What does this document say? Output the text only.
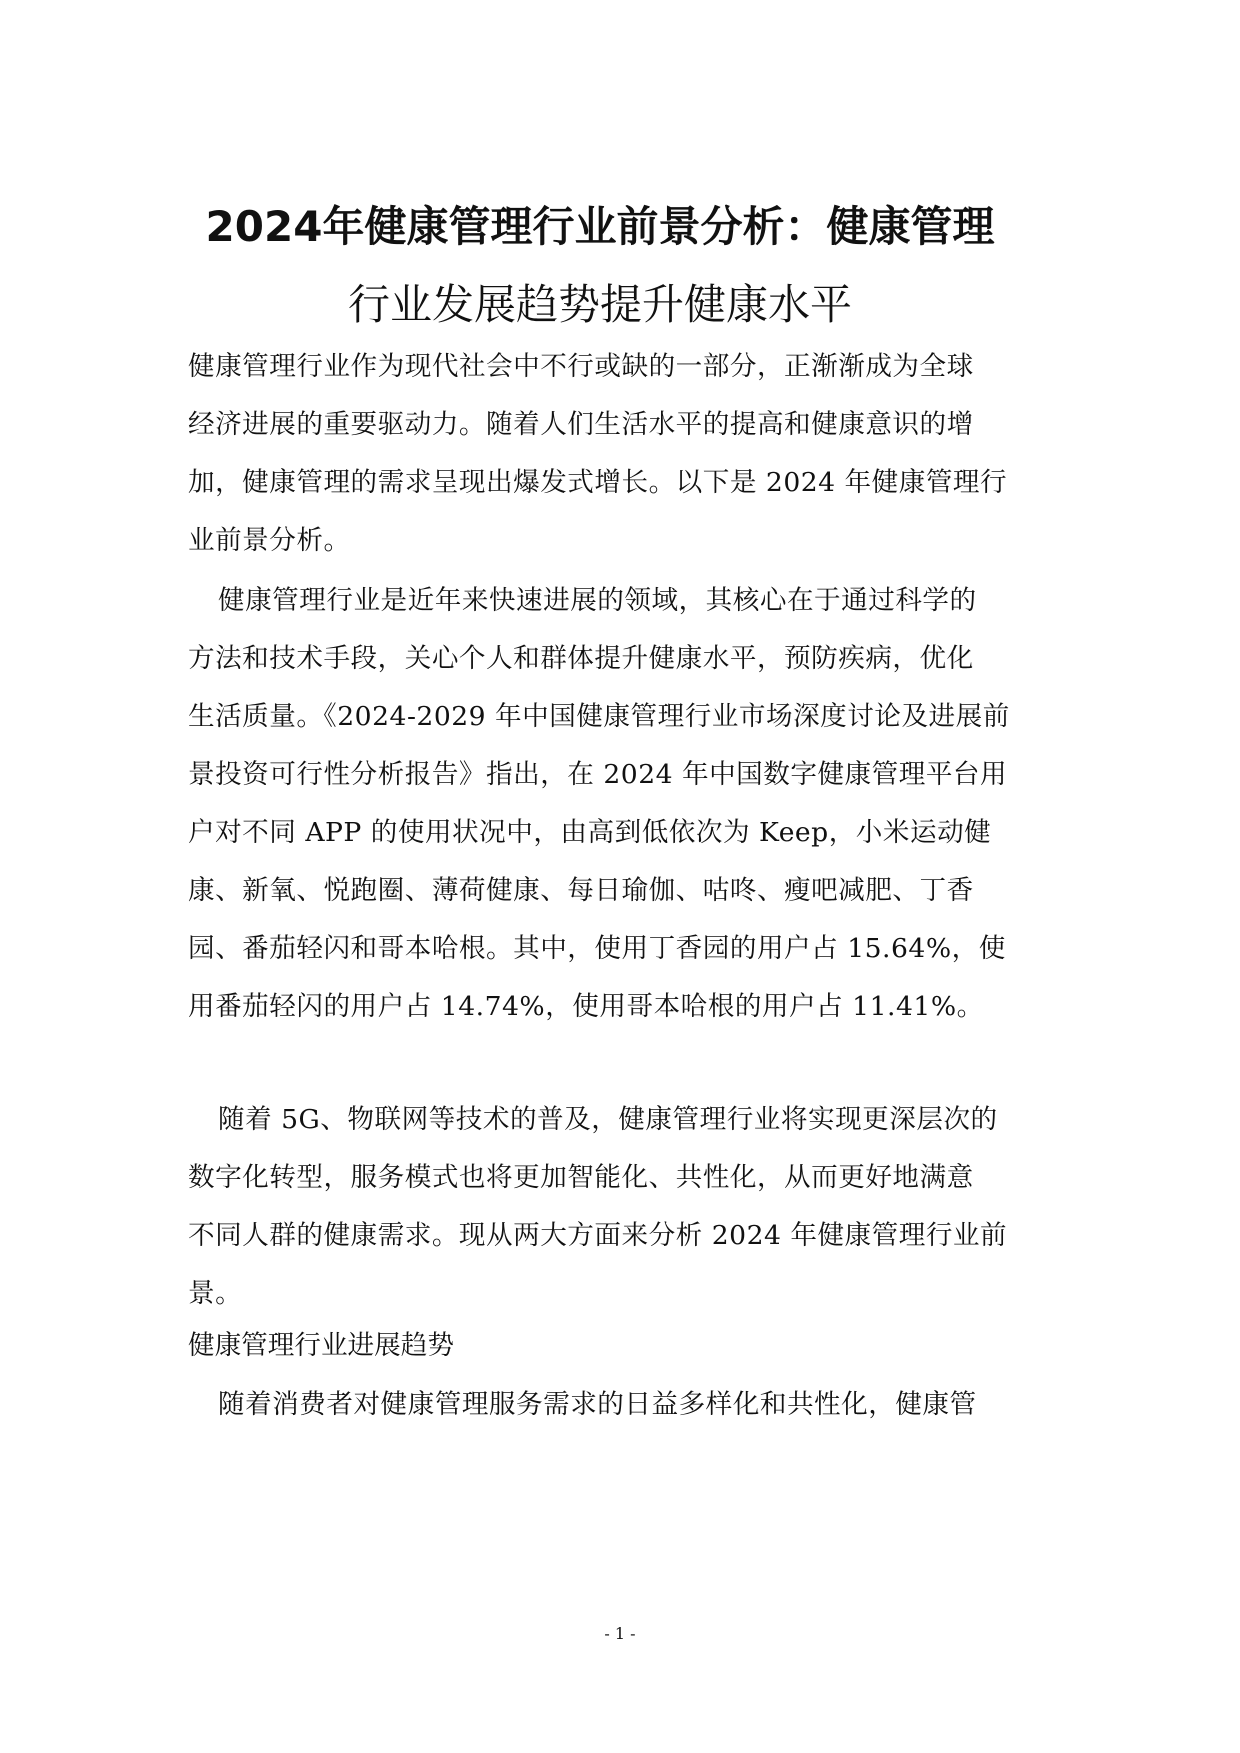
2024年健康管理行业前景分析：健康管理
行业发展趋势提升健康水平
健康管理行业作为现代社会中不行或缺的一部分，正渐渐成为全球
经济进展的重要驱动力。随着人们生活水平的提高和健康意识的增
加，健康管理的需求呈现出爆发式增长。以下是 2024 年健康管理行
业前景分析。
健康管理行业是近年来快速进展的领域，其核心在于通过科学的
方法和技术手段，关心个人和群体提升健康水平，预防疾病，优化
生活质量。《2024-2029 年中国健康管理行业市场深度讨论及进展前
景投资可行性分析报告》指出，在 2024 年中国数字健康管理平台用
户对不同 APP 的使用状况中，由高到低依次为 Keep，小米运动健
康、新氧、悦跑圈、薄荷健康、每日瑜伽、咕咚、瘦吧减肥、丁香
园、番茄轻闪和哥本哈根。其中，使用丁香园的用户占 15.64%，使
用番茄轻闪的用户占 14.74%，使用哥本哈根的用户占 11.41%。
随着 5G、物联网等技术的普及，健康管理行业将实现更深层次的
数字化转型，服务模式也将更加智能化、共性化，从而更好地满意
不同人群的健康需求。现从两大方面来分析 2024 年健康管理行业前
景。
健康管理行业进展趋势
随着消费者对健康管理服务需求的日益多样化和共性化，健康管
- 1 -
